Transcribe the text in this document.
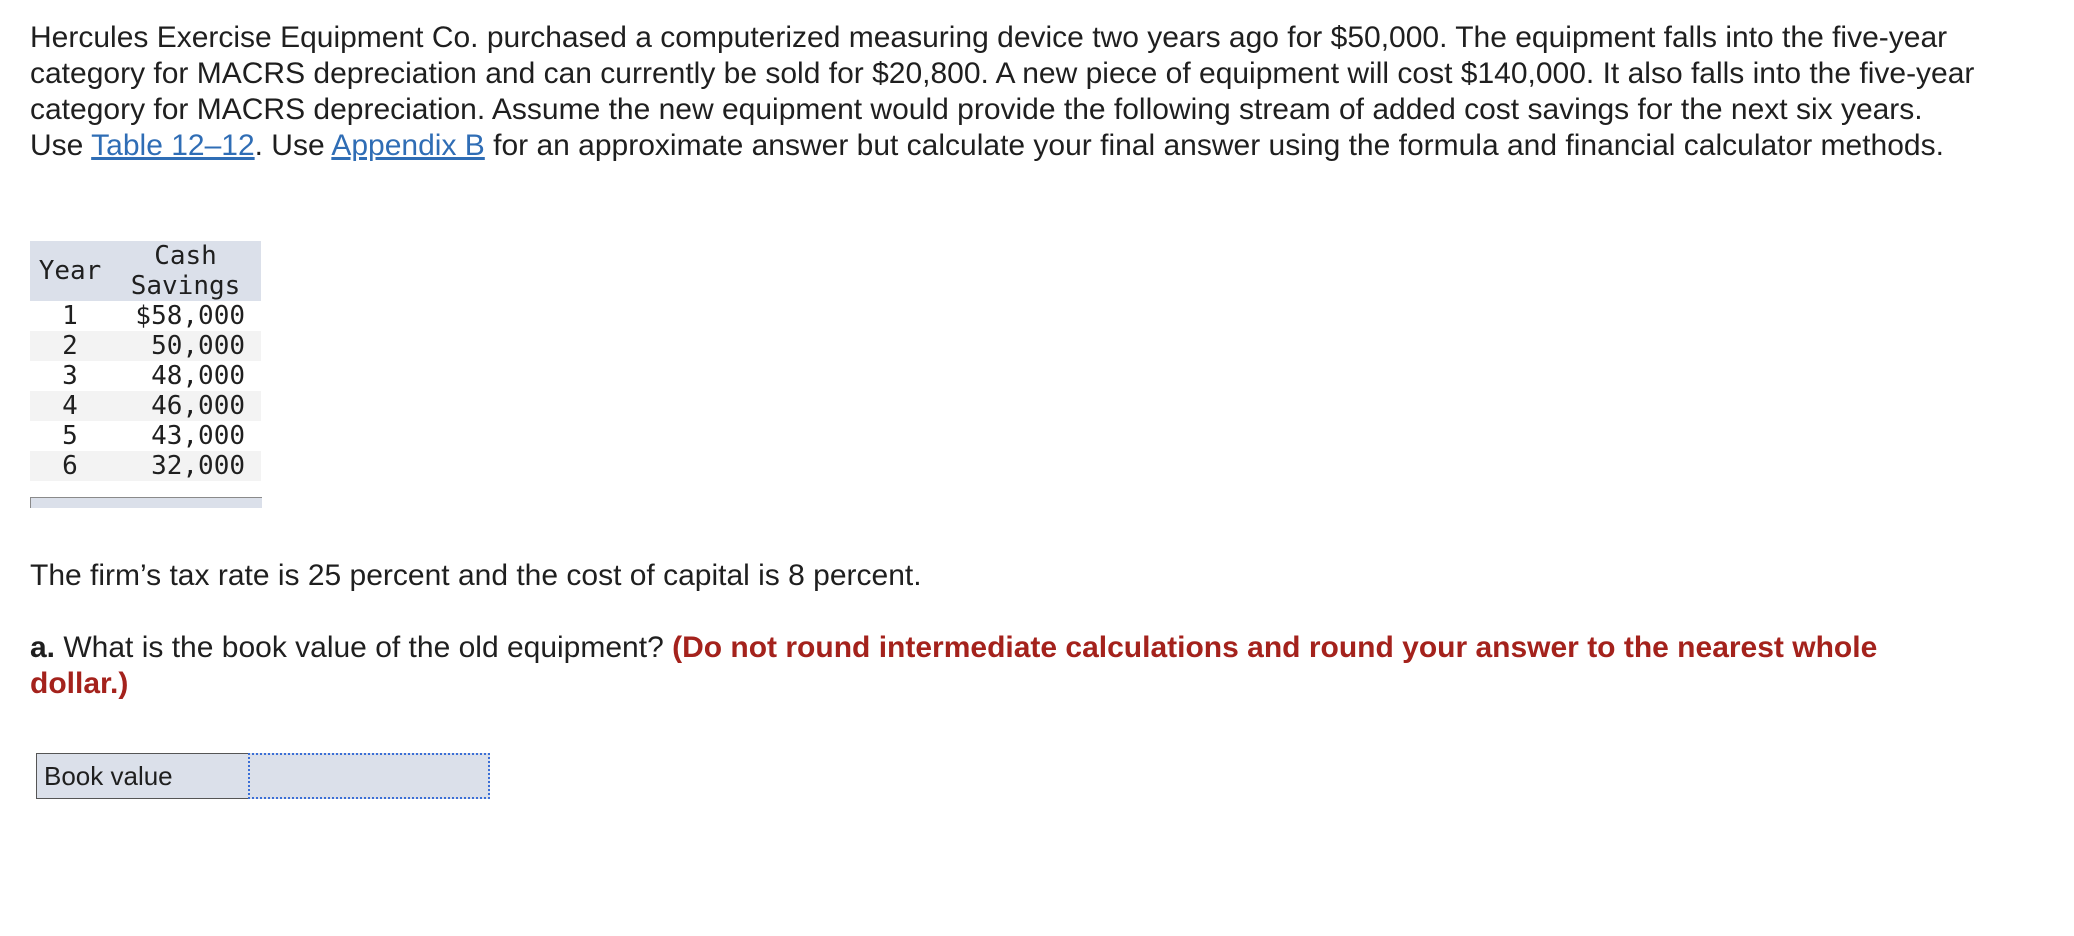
Hercules Exercise Equipment Co. purchased a computerized measuring device two years ago for $50,000. The equipment falls into the five-year category for MACRS depreciation and can currently be sold for $20,800. A new piece of equipment will cost $140,000. It also falls into the five-year category for MACRS depreciation. Assume the new equipment would provide the following stream of added cost savings for the next six years. Use Table 12–12. Use Appendix B for an approximate answer but calculate your final answer using the formula and financial calculator methods.

Year	Cash
Savings
1	$58,000
2	50,000
3	48,000
4	46,000
5	43,000
6	32,000

The firm’s tax rate is 25 percent and the cost of capital is 8 percent.

a. What is the book value of the old equipment? (Do not round intermediate calculations and round your answer to the nearest whole dollar.)

Book value
